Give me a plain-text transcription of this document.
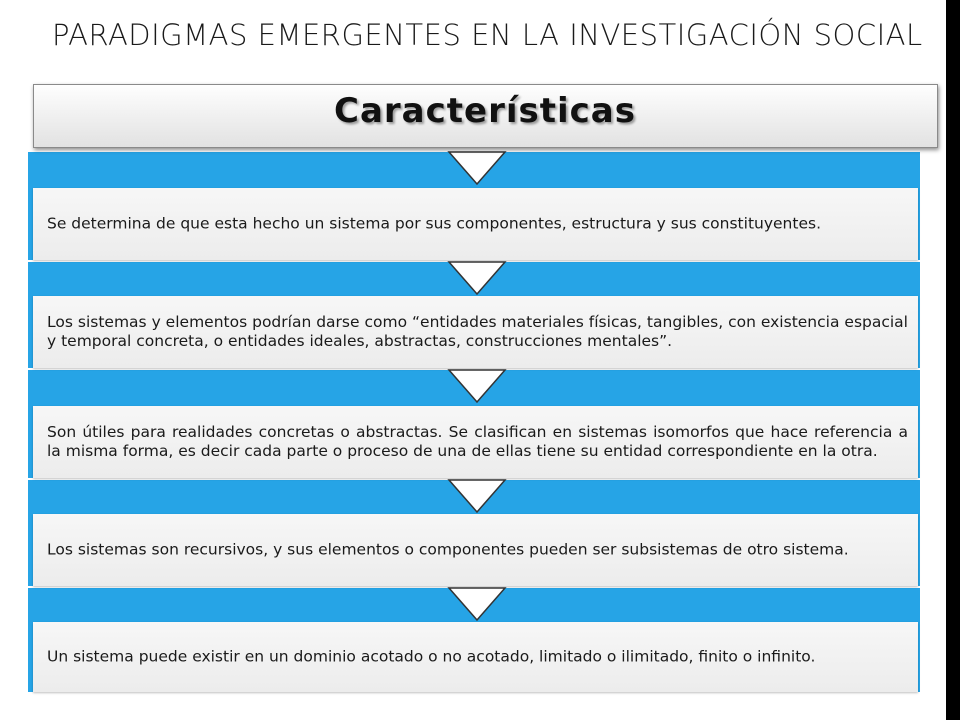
PARADIGMAS EMERGENTES EN LA INVESTIGACIÓN SOCIAL
Se determina de que esta hecho un sistema por sus componentes, estructura y sus constituyentes.
Los sistemas y elementos podrían darse como “entidades materiales físicas, tangibles, con existencia espacial y temporal concreta, o entidades ideales, abstractas, construcciones mentales”.
Son útiles para realidades concretas o abstractas. Se clasifican en sistemas isomorfos que hace referencia a la misma forma, es decir cada parte o proceso de una de ellas tiene su entidad correspondiente en la otra.
Los sistemas son recursivos, y sus elementos o componentes pueden ser subsistemas de otro sistema.
Un sistema puede existir en un dominio acotado o no acotado, limitado o ilimitado, finito o infinito.
Características
